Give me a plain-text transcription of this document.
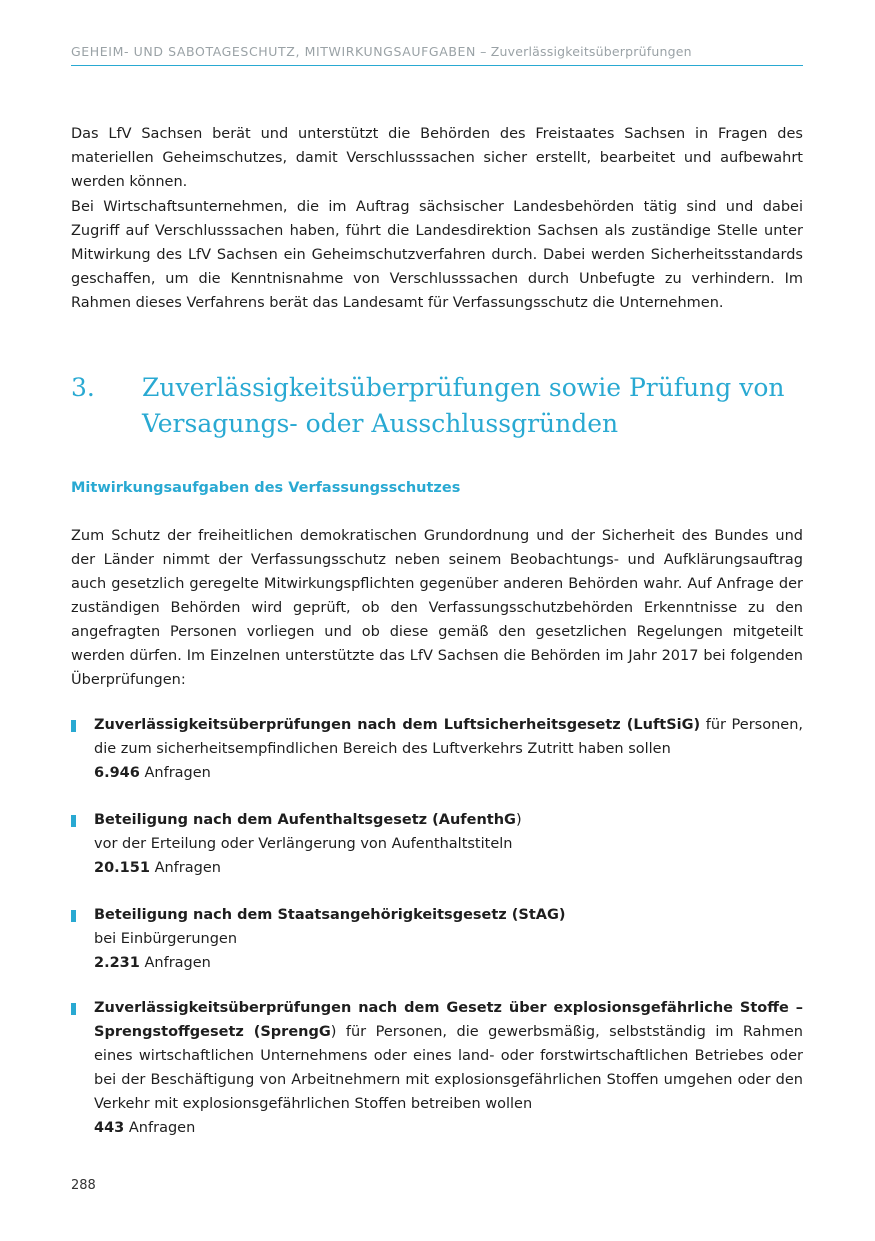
GEHEIM- UND SABOTAGESCHUTZ, MITWIRKUNGSAUFGABEN – Zuverlässigkeitsüberprüfungen
Das LfV Sachsen berät und unterstützt die Behörden des Freistaates Sachsen in Fragen des materiellen Geheimschutzes, damit Verschlusssachen sicher erstellt, bearbeitet und aufbewahrt werden können.
Bei Wirtschaftsunternehmen, die im Auftrag sächsischer Landesbehörden tätig sind und dabei Zugriff auf Verschlusssachen haben, führt die Landesdirektion Sachsen als zuständige Stelle unter Mitwirkung des LfV Sachsen ein Geheimschutzverfahren durch. Dabei werden Sicherheitsstandards geschaffen, um die Kenntnisnahme von Verschlusssachen durch Unbefugte zu verhindern. Im Rahmen dieses Verfahrens berät das Landesamt für Verfassungsschutz die Unternehmen.
3. Zuverlässigkeitsüberprüfungen sowie Prüfung von Versagungs- oder Ausschlussgründen
Mitwirkungsaufgaben des Verfassungsschutzes
Zum Schutz der freiheitlichen demokratischen Grundordnung und der Sicherheit des Bundes und der Länder nimmt der Verfassungsschutz neben seinem Beobachtungs- und Aufklärungsauftrag auch gesetzlich geregelte Mitwirkungspflichten gegenüber anderen Behörden wahr. Auf Anfrage der zuständigen Behörden wird geprüft, ob den Verfassungsschutzbehörden Erkenntnisse zu den angefragten Personen vorliegen und ob diese gemäß den gesetzlichen Regelungen mitgeteilt werden dürfen. Im Einzelnen unterstützte das LfV Sachsen die Behörden im Jahr 2017 bei folgenden Überprüfungen:
Zuverlässigkeitsüberprüfungen nach dem Luftsicherheitsgesetz (LuftSiG) für Personen, die zum sicherheitsempfindlichen Bereich des Luftverkehrs Zutritt haben sollen
6.946 Anfragen
Beteiligung nach dem Aufenthaltsgesetz (AufenthG)
vor der Erteilung oder Verlängerung von Aufenthaltstiteln
20.151 Anfragen
Beteiligung nach dem Staatsangehörigkeitsgesetz (StAG)
bei Einbürgerungen
2.231 Anfragen
Zuverlässigkeitsüberprüfungen nach dem Gesetz über explosionsgefährliche Stoffe – Sprengstoffgesetz (SprengG) für Personen, die gewerbsmäßig, selbstständig im Rahmen eines wirtschaftlichen Unternehmens oder eines land- oder forstwirtschaftlichen Betriebes oder bei der Beschäftigung von Arbeitnehmern mit explosionsgefährlichen Stoffen umgehen oder den Verkehr mit explosionsgefährlichen Stoffen betreiben wollen
443 Anfragen
288
